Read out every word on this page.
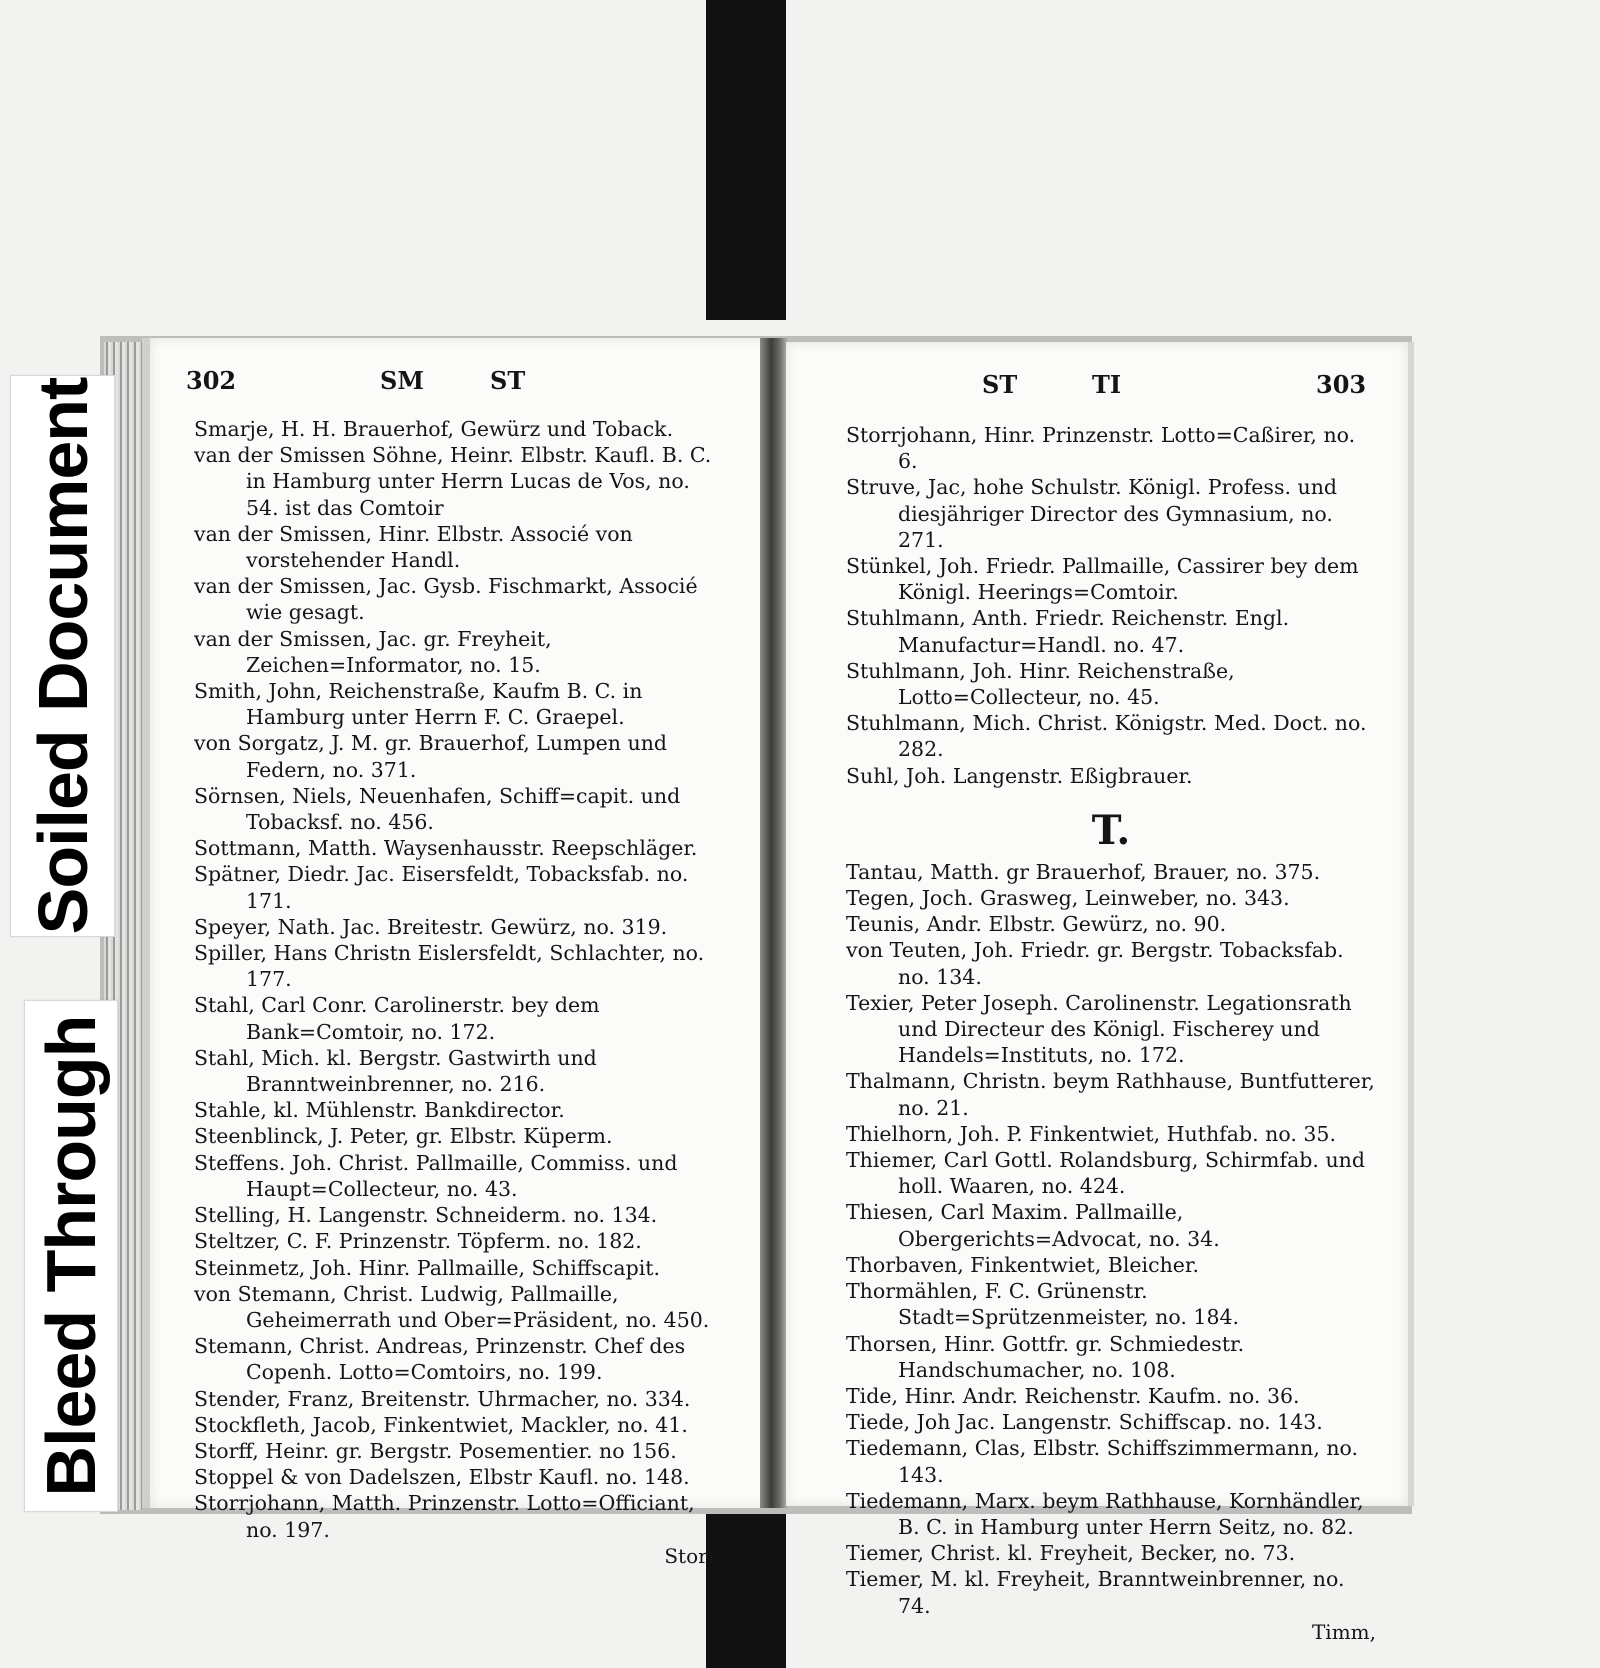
302	SM	ST

Smarje, H. H. Brauerhof, Gewürz und Toback.

van der Smissen Söhne, Heinr. Elbstr. Kaufl. B. C. in Hamburg unter Herrn Lucas de Vos, no. 54. ist das Comtoir

van der Smissen, Hinr. Elbstr. Associé von vorstehender Handl.

van der Smissen, Jac. Gysb. Fischmarkt, Associé wie gesagt.

van der Smissen, Jac. gr. Freyheit, Zeichen=Informator, no. 15.

Smith, John, Reichenstraße, Kaufm B. C. in Hamburg unter Herrn F. C. Graepel.

von Sorgatz, J. M. gr. Brauerhof, Lumpen und Federn, no. 371.

Sörnsen, Niels, Neuenhafen, Schiff=capit. und Tobacksf. no. 456.

Sottmann, Matth. Waysenhausstr. Reepschläger.

Spätner, Diedr. Jac. Eisersfeldt, Tobacksfab. no. 171.

Speyer, Nath. Jac. Breitestr. Gewürz, no. 319.

Spiller, Hans Christn Eislersfeldt, Schlachter, no. 177.

Stahl, Carl Conr. Carolinerstr. bey dem Bank=Comtoir, no. 172.

Stahl, Mich. kl. Bergstr. Gastwirth und Branntweinbrenner, no. 216.

Stahle, kl. Mühlenstr. Bankdirector.

Steenblinck, J. Peter, gr. Elbstr. Küperm.

Steffens. Joh. Christ. Pallmaille, Commiss. und Haupt=Collecteur, no. 43.

Stelling, H. Langenstr. Schneiderm. no. 134.

Steltzer, C. F. Prinzenstr. Töpferm. no. 182.

Steinmetz, Joh. Hinr. Pallmaille, Schiffscapit.

von Stemann, Christ. Ludwig, Pallmaille, Geheimerrath und Ober=Präsident, no. 450.

Stemann, Christ. Andreas, Prinzenstr. Chef des Copenh. Lotto=Comtoirs, no. 199.

Stender, Franz, Breitenstr. Uhrmacher, no. 334.

Stockfleth, Jacob, Finkentwiet, Mackler, no. 41.

Storff, Heinr. gr. Bergstr. Posementier. no 156.

Stoppel & von Dadelszen, Elbstr Kaufl. no. 148.

Storrjohann, Matth. Prinzenstr. Lotto=Officiant, no. 197.

Storr-
ST	TI	303

Storrjohann, Hinr. Prinzenstr. Lotto=Caßirer, no. 6.

Struve, Jac, hohe Schulstr. Königl. Profess. und diesjähriger Director des Gymnasium, no. 271.

Stünkel, Joh. Friedr. Pallmaille, Cassirer bey dem Königl. Heerings=Comtoir.

Stuhlmann, Anth. Friedr. Reichenstr. Engl. Manufactur=Handl. no. 47.

Stuhlmann, Joh. Hinr. Reichenstraße, Lotto=Collecteur, no. 45.

Stuhlmann, Mich. Christ. Königstr. Med. Doct. no. 282.

Suhl, Joh. Langenstr. Eßigbrauer.

T.

Tantau, Matth. gr Brauerhof, Brauer, no. 375.

Tegen, Joch. Grasweg, Leinweber, no. 343.

Teunis, Andr. Elbstr. Gewürz, no. 90.

von Teuten, Joh. Friedr. gr. Bergstr. Tobacksfab. no. 134.

Texier, Peter Joseph. Carolinenstr. Legationsrath und Directeur des Königl. Fischerey und Handels=Instituts, no. 172.

Thalmann, Christn. beym Rathhause, Buntfutterer, no. 21.

Thielhorn, Joh. P. Finkentwiet, Huthfab. no. 35.

Thiemer, Carl Gottl. Rolandsburg, Schirmfab. und holl. Waaren, no. 424.

Thiesen, Carl Maxim. Pallmaille, Obergerichts=Advocat, no. 34.

Thorbaven, Finkentwiet, Bleicher.

Thormählen, F. C. Grünenstr. Stadt=Sprützenmeister, no. 184.

Thorsen, Hinr. Gottfr. gr. Schmiedestr. Handschumacher, no. 108.

Tide, Hinr. Andr. Reichenstr. Kaufm. no. 36.

Tiede, Joh Jac. Langenstr. Schiffscap. no. 143.

Tiedemann, Clas, Elbstr. Schiffszimmermann, no. 143.

Tiedemann, Marx. beym Rathhause, Kornhändler, B. C. in Hamburg unter Herrn Seitz, no. 82.

Tiemer, Christ. kl. Freyheit, Becker, no. 73.

Tiemer, M. kl. Freyheit, Branntweinbrenner, no. 74.

Timm,
Soiled Document
Bleed Through
